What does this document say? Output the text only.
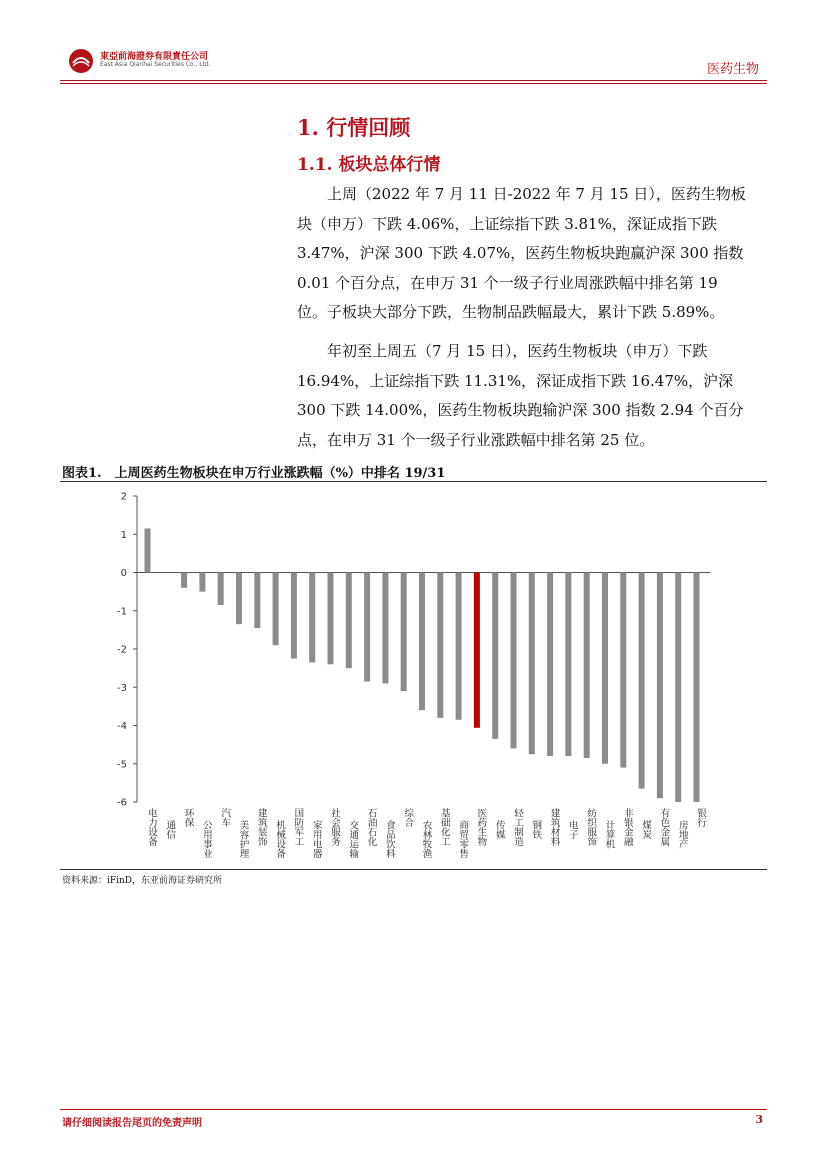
東亞前海證券有限責任公司
East Asia Qianhai Securities Co., Ltd.	医药生物
1. 行情回顾
1.1. 板块总体行情
　　上周（2022 年 7 月 11 日-2022 年 7 月 15 日），医药生物板
块（申万）下跌 4.06%，上证综指下跌 3.81%，深证成指下跌
3.47%，沪深 300 下跌 4.07%，医药生物板块跑赢沪深 300 指数
0.01 个百分点，在申万 31 个一级子行业周涨跌幅中排名第 19
位。子板块大部分下跌，生物制品跌幅最大，累计下跌 5.89%。
　　年初至上周五（7 月 15 日），医药生物板块（申万）下跌
16.94%，上证综指下跌 11.31%，深证成指下跌 16.47%，沪深
300 下跌 14.00%，医药生物板块跑输沪深 300 指数 2.94 个百分
点，在申万 31 个一级子行业涨跌幅中排名第 25 位。
图表1.　上周医药生物板块在申万行业涨跌幅（%）中排名 19/31
2
1
0
-1
-2
-3
-4
-5
-6
电力设备 通信
环保
公用事业
汽车
美容护理 建筑装饰 机械设备 国防军工 家用电器 社会服务 交通运输 石油石化 食品饮料
综合
农林牧渔 基础化工 商贸零售 医药生物 传媒 轻工制造 钢铁 建筑材料 电子 纺织服饰 计算机 非银金融 煤炭 有色金属 房地产
银行
资料来源：iFinD，东亚前海证券研究所
请仔细阅读报告尾页的免责声明	3
